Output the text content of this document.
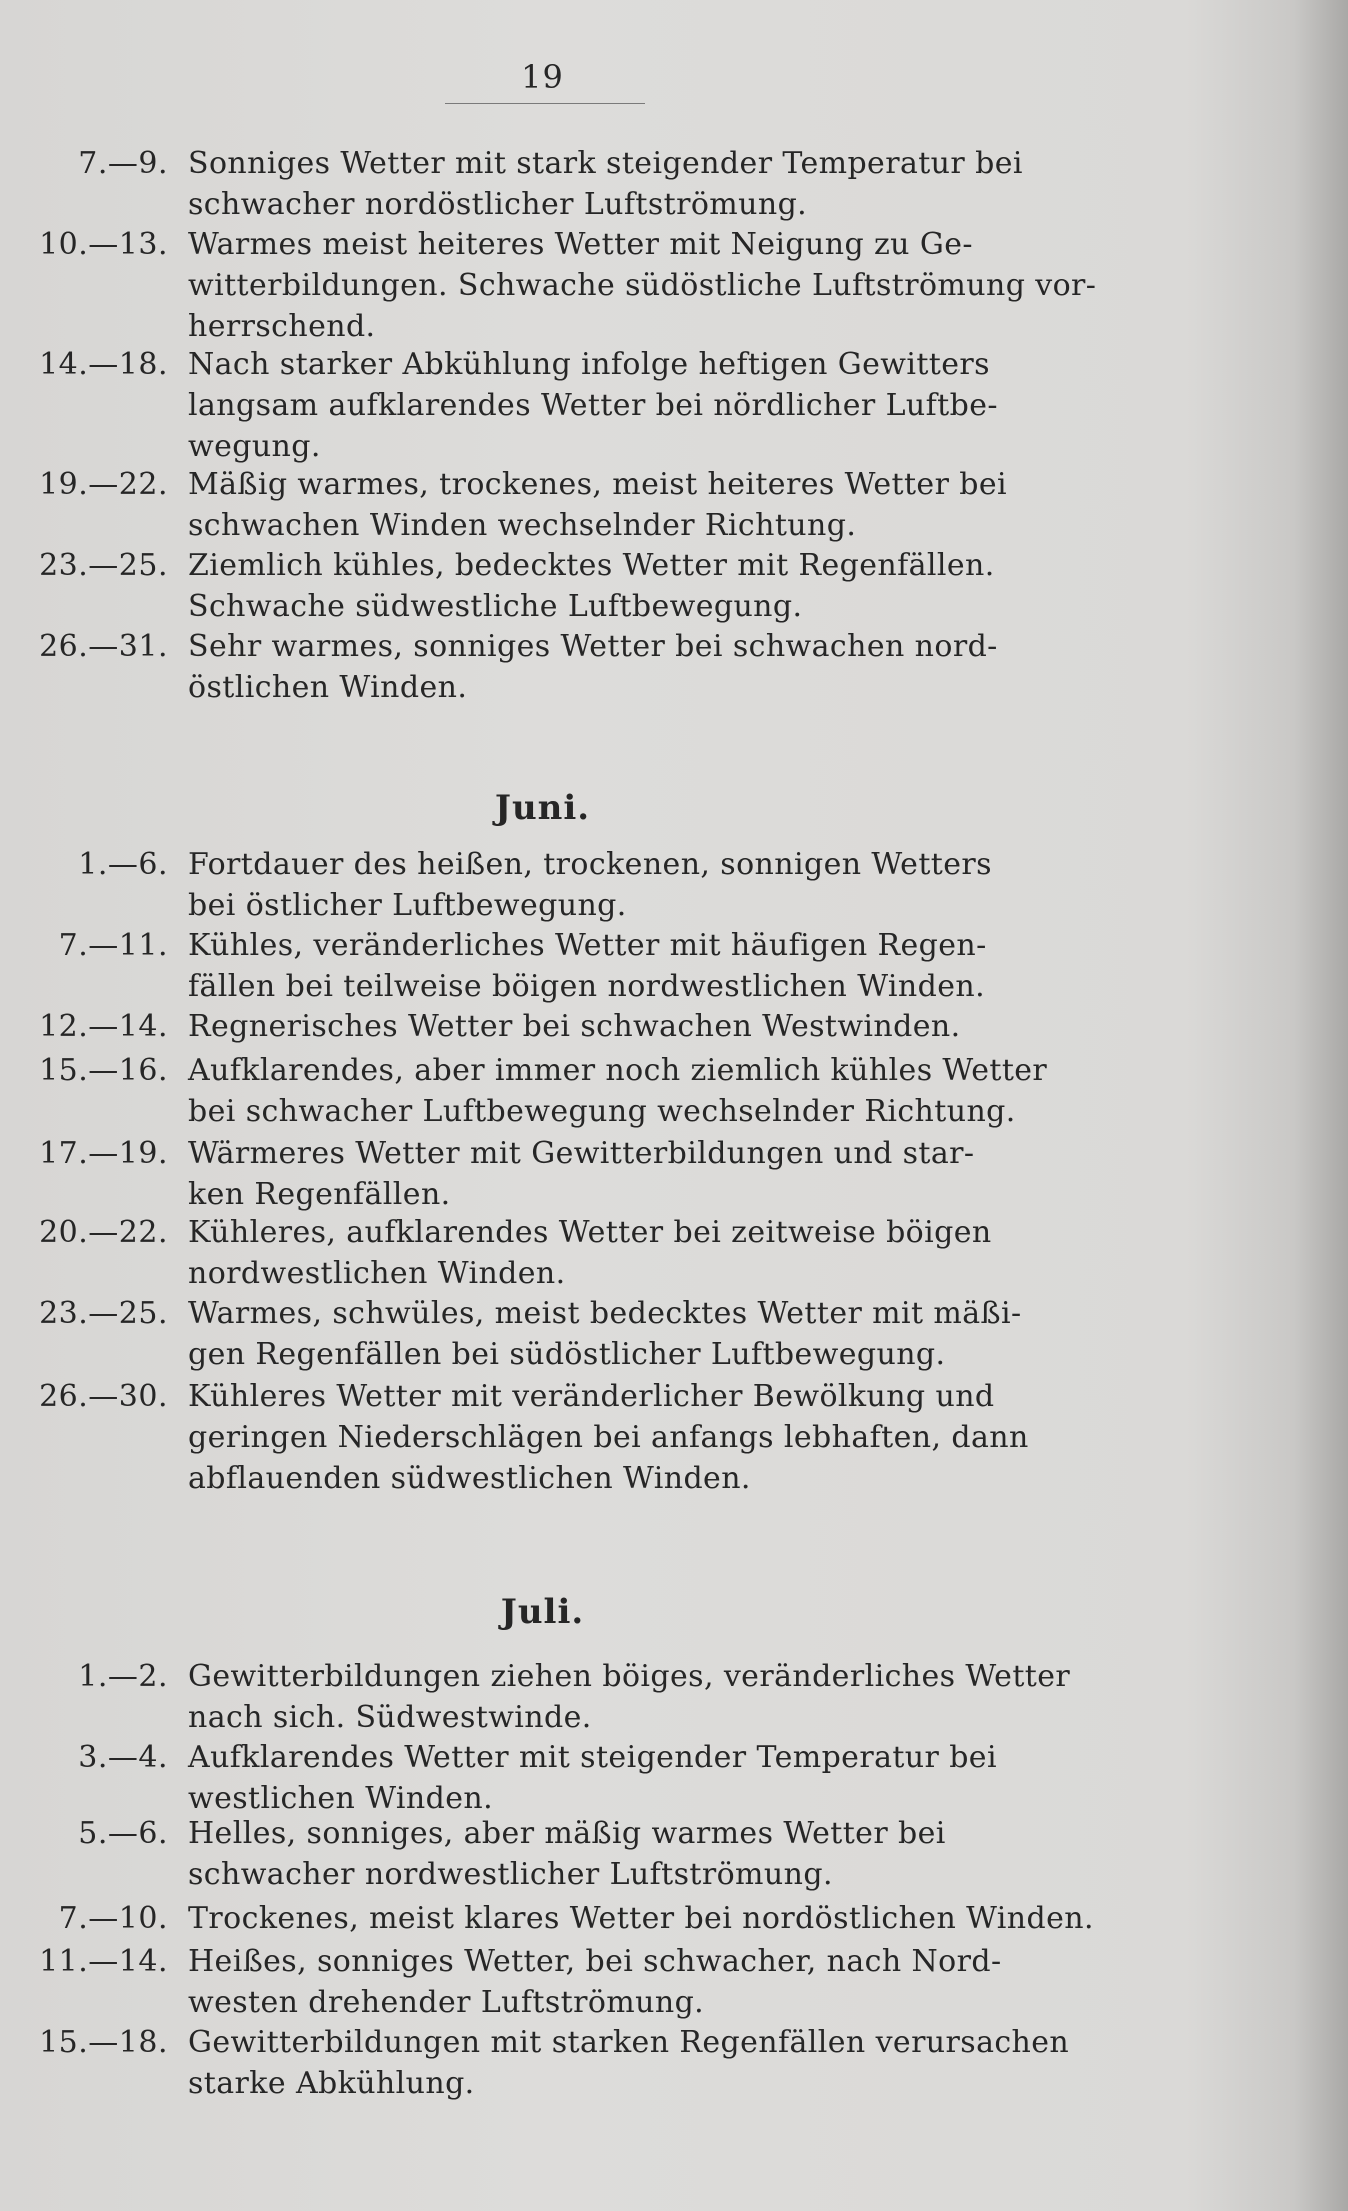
19
7.—9. Sonniges Wetter mit stark steigender Temperatur bei
schwacher nordöstlicher Luftströmung.
10.—13. Warmes meist heiteres Wetter mit Neigung zu Ge-
witterbildungen. Schwache südöstliche Luftströmung vor-
herrschend.
14.—18. Nach starker Abkühlung infolge heftigen Gewitters
langsam aufklarendes Wetter bei nördlicher Luftbe-
wegung.
19.—22. Mäßig warmes, trockenes, meist heiteres Wetter bei
schwachen Winden wechselnder Richtung.
23.—25. Ziemlich kühles, bedecktes Wetter mit Regenfällen.
Schwache südwestliche Luftbewegung.
26.—31. Sehr warmes, sonniges Wetter bei schwachen nord-
östlichen Winden.
Juni.
1.—6. Fortdauer des heißen, trockenen, sonnigen Wetters
bei östlicher Luftbewegung.
7.—11. Kühles, veränderliches Wetter mit häufigen Regen-
fällen bei teilweise böigen nordwestlichen Winden.
12.—14. Regnerisches Wetter bei schwachen Westwinden.
15.—16. Aufklarendes, aber immer noch ziemlich kühles Wetter
bei schwacher Luftbewegung wechselnder Richtung.
17.—19. Wärmeres Wetter mit Gewitterbildungen und star-
ken Regenfällen.
20.—22. Kühleres, aufklarendes Wetter bei zeitweise böigen
nordwestlichen Winden.
23.—25. Warmes, schwüles, meist bedecktes Wetter mit mäßi-
gen Regenfällen bei südöstlicher Luftbewegung.
26.—30. Kühleres Wetter mit veränderlicher Bewölkung und
geringen Niederschlägen bei anfangs lebhaften, dann
abflauenden südwestlichen Winden.
Juli.
1.—2. Gewitterbildungen ziehen böiges, veränderliches Wetter
nach sich. Südwestwinde.
3.—4. Aufklarendes Wetter mit steigender Temperatur bei
westlichen Winden.
5.—6. Helles, sonniges, aber mäßig warmes Wetter bei
schwacher nordwestlicher Luftströmung.
7.—10. Trockenes, meist klares Wetter bei nordöstlichen Winden.
11.—14. Heißes, sonniges Wetter, bei schwacher, nach Nord-
westen drehender Luftströmung.
15.—18. Gewitterbildungen mit starken Regenfällen verursachen
starke Abkühlung.
